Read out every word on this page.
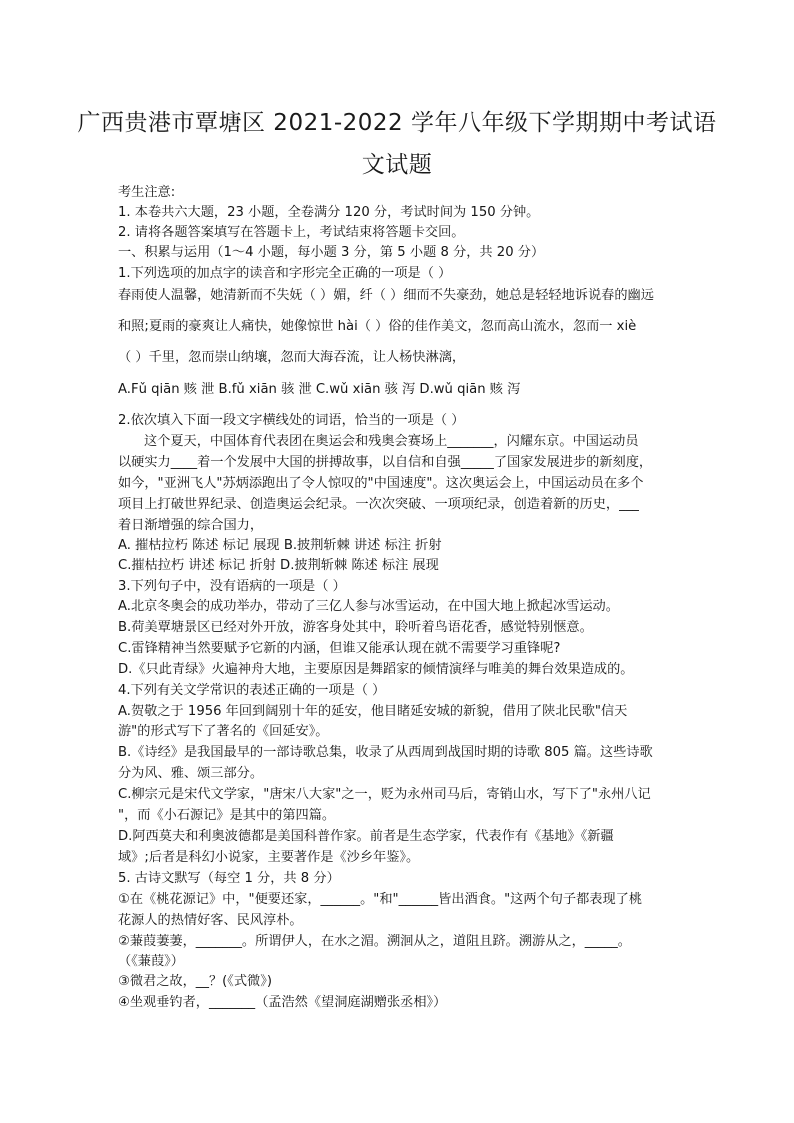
广西贵港市覃塘区 2021-2022 学年八年级下学期期中考试语
文试题
考生注意:
1. 本卷共六大题，23 小题，全卷满分 120 分，考试时间为 150 分钟。
2. 请将各题答案填写在答题卡上，考试结束将答题卡交回。
一、积累与运用（1～4 小题，每小题 3 分，第 5 小题 8 分，共 20 分）
1.下列选项的加点字的读音和字形完全正确的一项是（ ）
春雨使人温馨，她清新而不失妩（ ）媚，纤（ ）细而不失豪劲，她总是轻轻地诉说春的幽远
和照;夏雨的豪爽让人痛快，她像惊世 hài（ ）俗的佳作美文，忽而高山流水，忽而一 xiè
（ ）千里，忽而崇山纳壤，忽而大海吞流，让人杨快淋漓，
A.Fǔ qiān 赅 泄 B.fǔ xiān 骇 泄 C.wǔ xiān 骇 泻 D.wǔ qiān 赅 泻
2.依次填入下面一段文字横线处的词语，恰当的一项是（ ）
这个夏天，中国体育代表团在奥运会和残奥会赛场上_______，闪耀东京。中国运动员
以硬实力____着一个发展中大国的拼搏故事，以自信和自强_____了国家发展进步的新刻度，
如今，"亚洲飞人"苏炳添跑出了令人惊叹的"中国速度"。这次奥运会上，中国运动员在多个
项目上打破世界纪录、创造奥运会纪录。一次次突破、一项项纪录，创造着新的历史，___
着日渐增强的综合国力，
A. 摧枯拉朽 陈述 标记 展现 B.披荆斩棘 讲述 标注 折射
C.摧枯拉朽 讲述 标记 折射 D.披荆斩棘 陈述 标注 展现
3.下列句子中，没有语病的一项是（ ）
A.北京冬奥会的成功举办，带动了三亿人参与冰雪运动，在中国大地上掀起冰雪运动。
B.荷美覃塘景区已经对外开放，游客身处其中，聆听着鸟语花香，感觉特别惬意。
C.雷锋精神当然要赋予它新的内涵，但谁又能承认现在就不需要学习重锋呢?
D.《只此青绿》火遍神舟大地，主要原因是舞蹈家的倾情演绎与唯美的舞台效果造成的。
4.下列有关文学常识的表述正确的一项是（ ）
A.贺敬之于 1956 年回到阔别十年的延安，他目睹延安城的新貌，借用了陕北民歌"信天
游"的形式写下了著名的《回延安》。
B.《诗经》是我国最早的一部诗歌总集，收录了从西周到战国时期的诗歌 805 篇。这些诗歌
分为风、雅、颂三部分。
C.柳宗元是宋代文学家，"唐宋八大家"之一，贬为永州司马后，寄销山水，写下了"永州八记
"，而《小石源记》是其中的第四篇。
D.阿西莫夫和利奥波德都是美国科普作家。前者是生态学家，代表作有《基地》《新疆
域》;后者是科幻小说家，主要著作是《沙乡年鉴》。
5. 古诗文默写（每空 1 分，共 8 分）
①在《桃花源记》中，"便要还家，______。"和"______皆出酒食。"这两个句子都表现了桃
花源人的热情好客、民风淳朴。
②蒹葭萋萋，_______。所谓伊人，在水之湄。溯洄从之，道阻且跻。溯游从之，_____。
（《蒹葭》）
③微君之故，__？(《式微》)
④坐观垂钓者，_______（孟浩然《望洞庭湖赠张丞相》）
